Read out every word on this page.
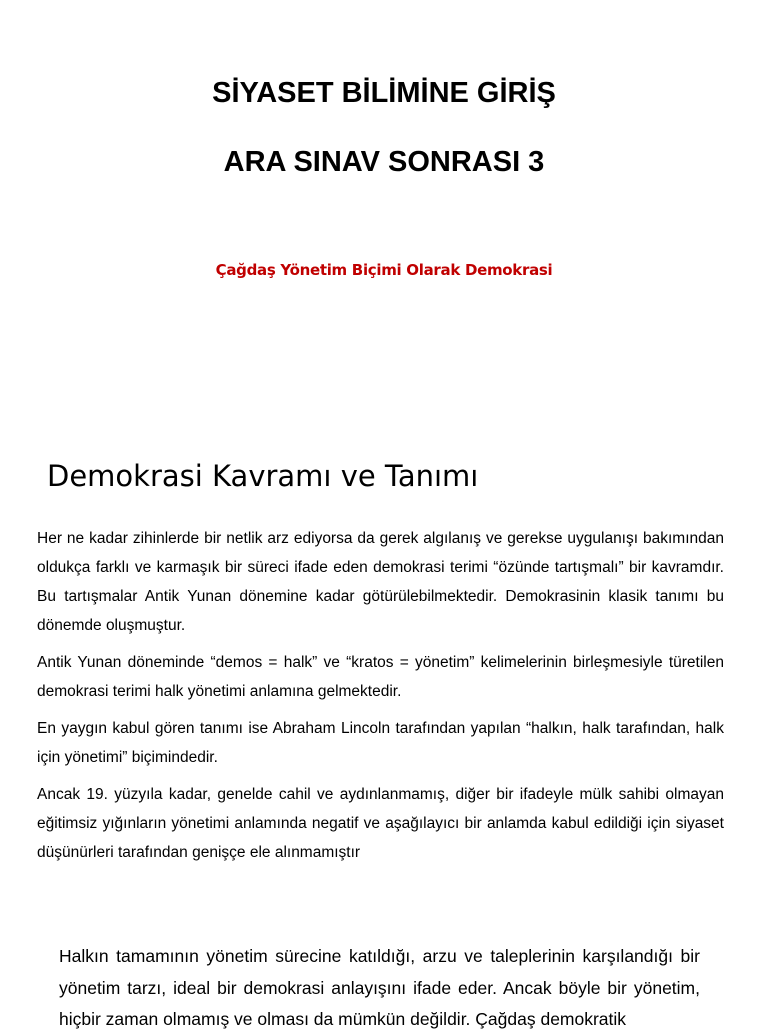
SİYASET BİLİMİNE GİRİŞ
ARA SINAV SONRASI 3
Çağdaş Yönetim Biçimi Olarak Demokrasi
Demokrasi Kavramı ve Tanımı

Her ne kadar zihinlerde bir netlik arz ediyorsa da gerek algılanış ve gerekse uygulanışı bakımından oldukça farklı ve karmaşık bir süreci ifade eden demokrasi terimi “özünde tartışmalı” bir kavramdır. Bu tartışmalar Antik Yunan dönemine kadar götürülebilmektedir. Demokrasinin klasik tanımı bu dönemde oluşmuştur.

Antik Yunan döneminde “demos = halk” ve “kratos = yönetim” kelimelerinin birleşmesiyle türetilen demokrasi terimi halk yönetimi anlamına gelmektedir.

En yaygın kabul gören tanımı ise Abraham Lincoln tarafından yapılan “halkın, halk tarafından, halk için yönetimi” biçimindedir.

Ancak 19. yüzyıla kadar, genelde cahil ve aydınlanmamış, diğer bir ifadeyle mülk sahibi olmayan eğitimsiz yığınların yönetimi anlamında negatif ve aşağılayıcı bir anlamda kabul edildiği için siyaset düşünürleri tarafından genişçe ele alınmamıştır

Halkın tamamının yönetim sürecine katıldığı, arzu ve taleplerinin karşılandığı bir yönetim tarzı, ideal bir demokrasi anlayışını ifade eder. Ancak böyle bir yönetim, hiçbir zaman olmamış ve olması da mümkün değildir. Çağdaş demokratik
